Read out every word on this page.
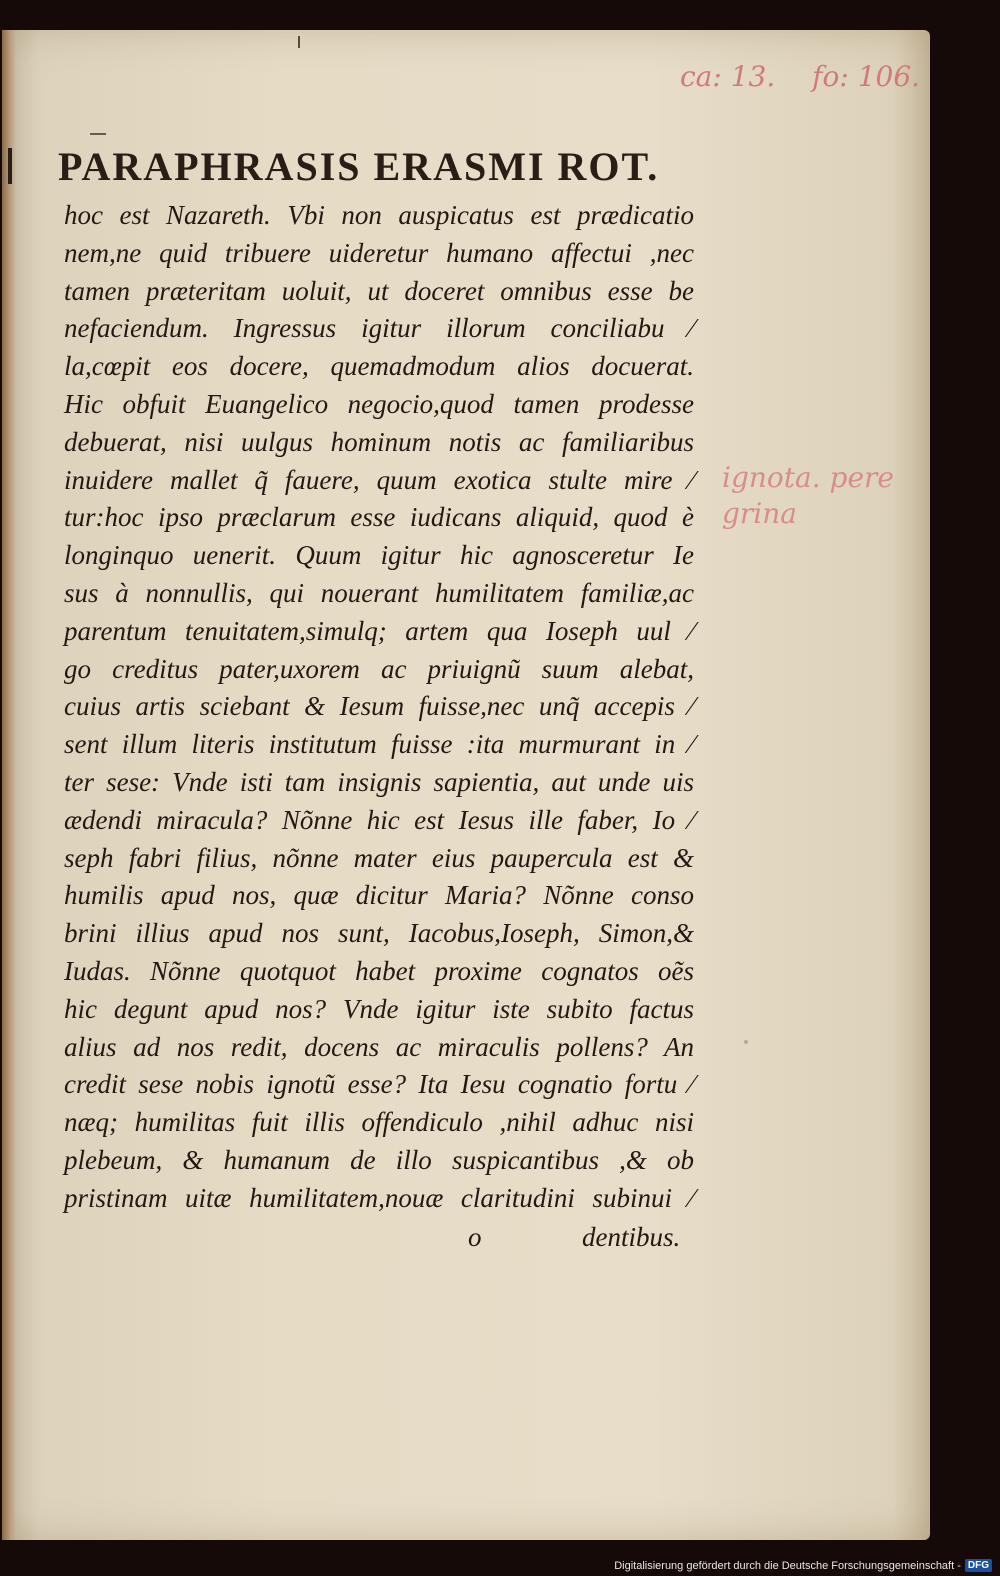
ca: 13. fo: 106.
PARAPHRASIS ERASMI ROT.
hoc est Nazareth. Vbi non auspicatus est prædicatio
nem,ne quid tribuere uideretur humano affectui ,nec
tamen præteritam uoluit, ut doceret omnibus esse be
nefaciendum. Ingressus igitur illorum conciliabu ⁄
la,cœpit eos docere, quemadmodum alios docuerat.
Hic obfuit Euangelico negocio,quod tamen prodesse
debuerat, nisi uulgus hominum notis ac familiaribus
inuidere mallet q̃ fauere, quum exotica stulte mire ⁄
tur:hoc ipso præclarum esse iudicans aliquid, quod è
longinquo uenerit. Quum igitur hic agnosceretur Ie
sus à nonnullis, qui nouerant humilitatem familiæ,ac
parentum tenuitatem,simulq; artem qua Ioseph uul ⁄
go creditus pater,uxorem ac priuignũ suum alebat,
cuius artis sciebant & Iesum fuisse,nec unq̃ accepis ⁄
sent illum literis institutum fuisse :ita murmurant in ⁄
ter sese: Vnde isti tam insignis sapientia, aut unde uis
ædendi miracula? Nõnne hic est Iesus ille faber, Io ⁄
seph fabri filius, nõnne mater eius paupercula est &
humilis apud nos, quæ dicitur Maria? Nõnne conso
brini illius apud nos sunt, Iacobus,Ioseph, Simon,&
Iudas. Nõnne quotquot habet proxime cognatos oẽs
hic degunt apud nos? Vnde igitur iste subito factus
alius ad nos redit, docens ac miraculis pollens? An
credit sese nobis ignotũ esse? Ita Iesu cognatio fortu ⁄
næq; humilitas fuit illis offendiculo ,nihil adhuc nisi
plebeum, & humanum de illo suspicantibus ,& ob
pristinam uitæ humilitatem,nouæ claritudini subinui ⁄
ignota. pere grina
o	dentibus.
Digitalisierung gefördert durch die Deutsche Forschungsgemeinschaft - DFG
